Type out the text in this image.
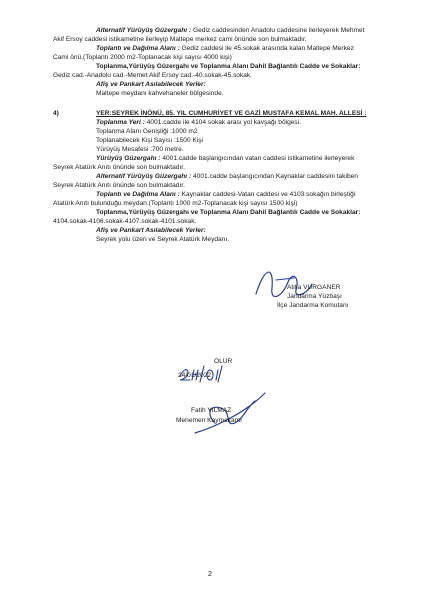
Alternatif Yürüyüş Güzergahı : Gediz caddesinden Anadolu caddesine ilerleyerek Mehmet
Akif Ersoy caddesi istikametine ilerleyip Maltepe merkez cami önünde son bulmaktadır.
Toplantı ve Dağılma Alanı : Gediz caddesi ile 45.sokak arasında kalan Maltepe Merkez
Cami önü.(Toplantı 2000 m2-Toplanacak kişi sayısı 4000 kişi)
Toplanma,Yürüyüş Güzergahı ve Toplanma Alanı Dahil Bağlantılı Cadde ve Sokaklar:
Gediz cad.-Anadolu cad.-Memet Akif Ersoy cad.-40.sokak-45.sokak.
Afiş ve Pankart Asılabilecek Yerler:
Maltepe meydanı kahvehaneler bölgesinde.
4)	YER:SEYREK İNÖNÜ, 85. YIL CUMHURİYET VE GAZİ MUSTAFA KEMAL MAH. ALLESİ :
Toplanma Yeri : 4001.cadde ile 4104 sokak arası yol kavşağı bölgesi.
Toplanma Alanı Genişliği :1000 m2
Toplanabilecek Kişi Sayısı :1500 Kişi
Yürüyüş Mesafesi :700 metre.
Yürüyüş Güzergahı : 4001.cadde başlangıcından vatan caddesi istikametine ilerleyerek
Seyrek Atatürk Anıtı önünde son bulmaktadır.
Alternatif Yürüyüş Güzergahı : 4001.cadde başlangıcından Kaynaklar caddesini takiben
Seyrek Atatürk Anıtı önünde son bulmaktadır.
Toplantı ve Dağılma Alanı : Kaynaklar caddesi-Vatan caddesi ve 4103.sokağın birleştiği
Atatürk Anıtı bulunduğu meydan.(Toplantı 1000 m2-Toplanacak kişi sayısı 1500 kişi)
Toplanma,Yürüyüş Güzergahı ve Toplanma Alanı Dahil Bağlantılı Cadde ve Sokaklar:
4104.sokak-4106.sokak-4107.sokak-4101.sokak.
Afiş ve Pankart Asılabilecek Yerler:
Seyrek yolu üzeri ve Seyrek Atatürk Meydanı.
Atilla VURGANER
Jandarma Yüzbaşı
İlçe Jandarma Komutanı
OLUR
24/01/2022
Fatih YILMAZ
Menemen Kaymakamı
2
